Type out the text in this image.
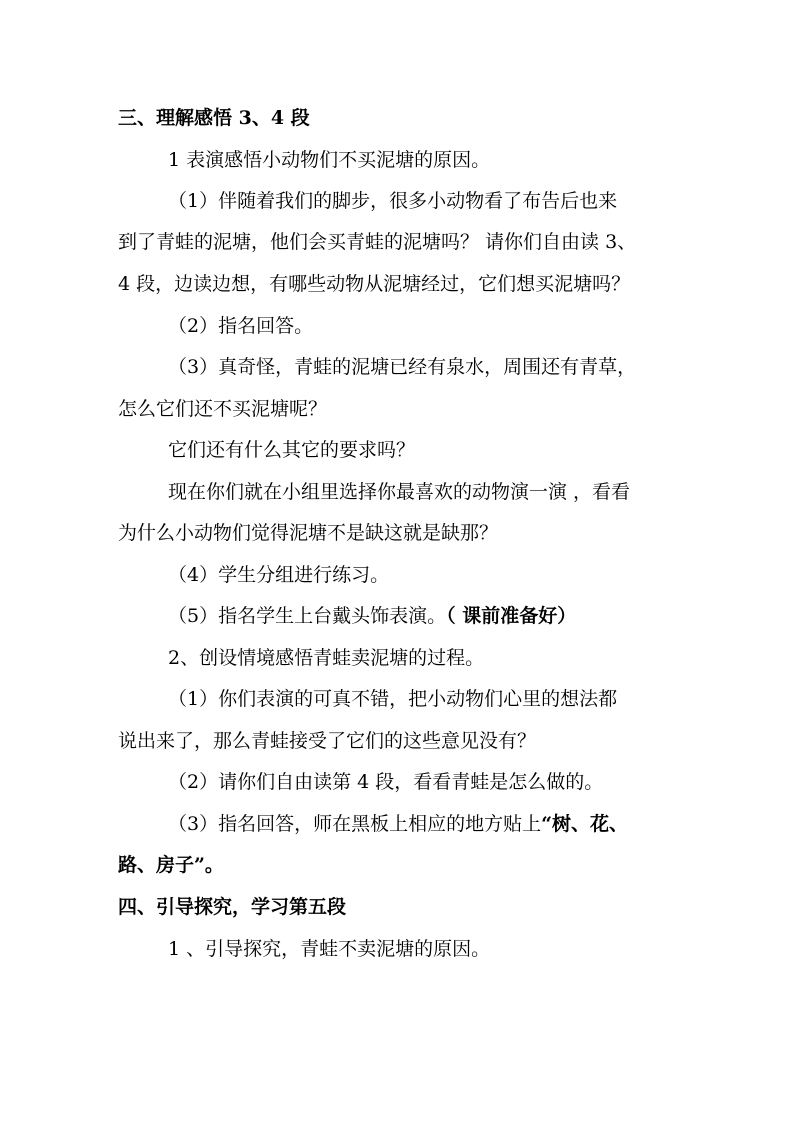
三、理解感悟 3、4 段
1 表演感悟小动物们不买泥塘的原因。
（1）伴随着我们的脚步，很多小动物看了布告后也来
到了青蛙的泥塘，他们会买青蛙的泥塘吗？ 请你们自由读 3、
4 段，边读边想，有哪些动物从泥塘经过，它们想买泥塘吗？
（2）指名回答。
（3）真奇怪，青蛙的泥塘已经有泉水，周围还有青草，
怎么它们还不买泥塘呢？
它们还有什么其它的要求吗？
现在你们就在小组里选择你最喜欢的动物演一演 ，看看
为什么小动物们觉得泥塘不是缺这就是缺那？
（4）学生分组进行练习。
（5）指名学生上台戴头饰表演。（ 课前准备好）
2、创设情境感悟青蛙卖泥塘的过程。
（1）你们表演的可真不错，把小动物们心里的想法都
说出来了，那么青蛙接受了它们的这些意见没有？
（2）请你们自由读第 4 段，看看青蛙是怎么做的。
（3）指名回答，师在黑板上相应的地方贴上“树、花、
路、房子”。
四、引导探究，学习第五段
1 、引导探究，青蛙不卖泥塘的原因。
